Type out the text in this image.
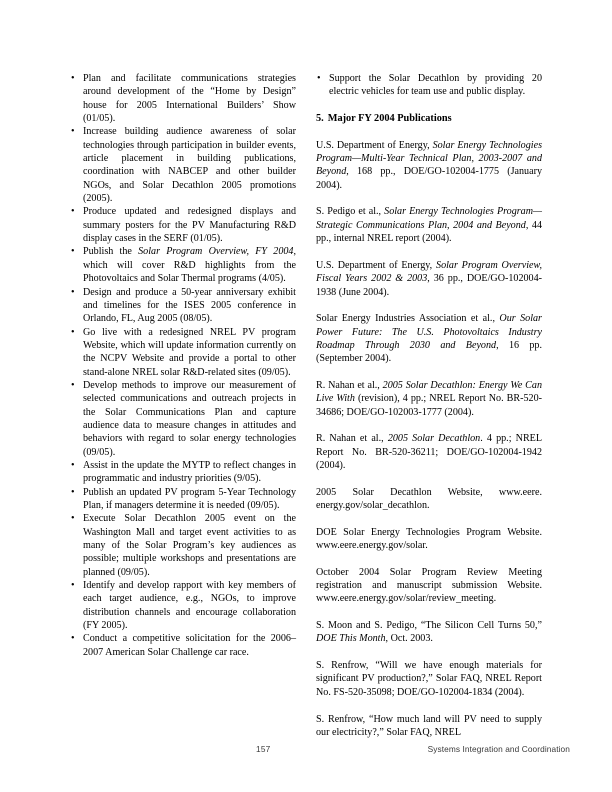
• Plan and facilitate communications strategies around development of the “Home by Design” house for 2005 International Builders’ Show (01/05).
• Increase building audience awareness of solar technologies through participation in builder events, article placement in building publications, coordination with NABCEP and other builder NGOs, and Solar Decathlon 2005 promotions (2005).
• Produce updated and redesigned displays and summary posters for the PV Manufacturing R&D display cases in the SERF (01/05).
• Publish the Solar Program Overview, FY 2004, which will cover R&D highlights from the Photovoltaics and Solar Thermal programs (4/05).
• Design and produce a 50-year anniversary exhibit and timelines for the ISES 2005 conference in Orlando, FL, Aug 2005 (08/05).
• Go live with a redesigned NREL PV program Website, which will update information currently on the NCPV Website and provide a portal to other stand-alone NREL solar R&D-related sites (09/05).
• Develop methods to improve our measurement of selected communications and outreach projects in the Solar Communications Plan and capture audience data to measure changes in attitudes and behaviors with regard to solar energy technologies (09/05).
• Assist in the update the MYTP to reflect changes in programmatic and industry priorities (9/05).
• Publish an updated PV program 5-Year Technology Plan, if managers determine it is needed (09/05).
• Execute Solar Decathlon 2005 event on the Washington Mall and target event activities to as many of the Solar Program’s key audiences as possible; multiple workshops and presentations are planned (09/05).
• Identify and develop rapport with key members of each target audience, e.g., NGOs, to improve distribution channels and encourage collaboration (FY 2005).
• Conduct a competitive solicitation for the 2006–2007 American Solar Challenge car race.
• Support the Solar Decathlon by providing 20 electric vehicles for team use and public display.
5. Major FY 2004 Publications

U.S. Department of Energy, Solar Energy Technologies Program—Multi-Year Technical Plan, 2003-2007 and Beyond, 168 pp., DOE/GO-102004-1775 (January 2004).

S. Pedigo et al., Solar Energy Technologies Program—Strategic Communications Plan, 2004 and Beyond, 44 pp., internal NREL report (2004).

U.S. Department of Energy, Solar Program Overview, Fiscal Years 2002 & 2003, 36 pp., DOE/GO-102004-1938 (June 2004).

Solar Energy Industries Association et al., Our Solar Power Future: The U.S. Photovoltaics Industry Roadmap Through 2030 and Beyond, 16 pp. (September 2004).

R. Nahan et al., 2005 Solar Decathlon: Energy We Can Live With (revision), 4 pp.; NREL Report No. BR-520-34686; DOE/GO-102003-1777 (2004).

R. Nahan et al., 2005 Solar Decathlon. 4 pp.; NREL Report No. BR-520-36211; DOE/GO-102004-1942 (2004).

2005 Solar Decathlon Website, www.eere. energy.gov/solar_decathlon.

DOE Solar Energy Technologies Program Website. www.eere.energy.gov/solar.

October 2004 Solar Program Review Meeting registration and manuscript submission Website. www.eere.energy.gov/solar/review_meeting.

S. Moon and S. Pedigo, “The Silicon Cell Turns 50,” DOE This Month, Oct. 2003.

S. Renfrow, “Will we have enough materials for significant PV production?,” Solar FAQ, NREL Report No. FS-520-35098; DOE/GO-102004-1834 (2004).

S. Renfrow, “How much land will PV need to supply our electricity?,” Solar FAQ, NREL

157	Systems Integration and Coordination
